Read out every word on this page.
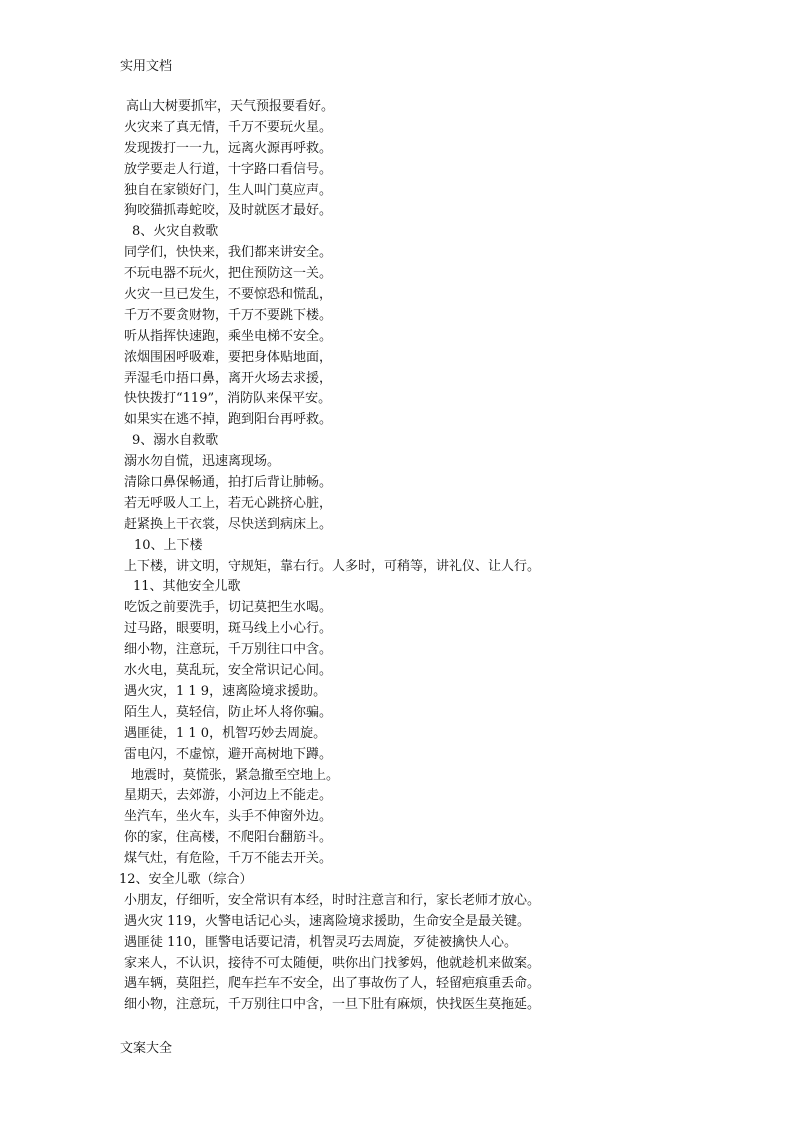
实用文档
高山大树要抓牢，天气预报要看好。
火灾来了真无情，千万不要玩火星。
发现拨打一一九，远离火源再呼救。
放学要走人行道，十字路口看信号。
独自在家锁好门，生人叫门莫应声。
狗咬猫抓毒蛇咬，及时就医才最好。
8、火灾自救歌
同学们，快快来，我们都来讲安全。
不玩电器不玩火，把住预防这一关。
火灾一旦已发生，不要惊恐和慌乱，
千万不要贪财物，千万不要跳下楼。
听从指挥快速跑，乘坐电梯不安全。
浓烟围困呼吸难，要把身体贴地面，
弄湿毛巾捂口鼻，离开火场去求援，
快快拨打“119”，消防队来保平安。
如果实在逃不掉，跑到阳台再呼救。
9、溺水自救歌
溺水勿自慌，迅速离现场。
清除口鼻保畅通，拍打后背让肺畅。
若无呼吸人工上，若无心跳挤心脏，
赶紧换上干衣裳，尽快送到病床上。
10、上下楼
上下楼，讲文明，守规矩，靠右行。人多时，可稍等，讲礼仪、让人行。
11、其他安全儿歌
吃饭之前要洗手，切记莫把生水喝。
过马路，眼要明，斑马线上小心行。
细小物，注意玩，千万别往口中含。
水火电，莫乱玩，安全常识记心间。
遇火灾，1 1 9，速离险境求援助。
陌生人，莫轻信，防止坏人将你骗。
遇匪徒，1 1 0，机智巧妙去周旋。
雷电闪，不虚惊，避开高树地下蹲。
地震时，莫慌张，紧急撤至空地上。
星期天，去郊游，小河边上不能走。
坐汽车，坐火车，头手不伸窗外边。
你的家，住高楼，不爬阳台翻筋斗。
煤气灶，有危险，千万不能去开关。
12、安全儿歌（综合）
小朋友，仔细听，安全常识有本经，时时注意言和行，家长老师才放心。
遇火灾 119，火警电话记心头，速离险境求援助，生命安全是最关键。
遇匪徒 110，匪警电话要记清，机智灵巧去周旋，歹徒被擒快人心。
家来人，不认识，接待不可太随便，哄你出门找爹妈，他就趁机来做案。
遇车辆，莫阻拦，爬车拦车不安全，出了事故伤了人，轻留疤痕重丢命。
细小物，注意玩，千万别往口中含，一旦下肚有麻烦，快找医生莫拖延。
文案大全
